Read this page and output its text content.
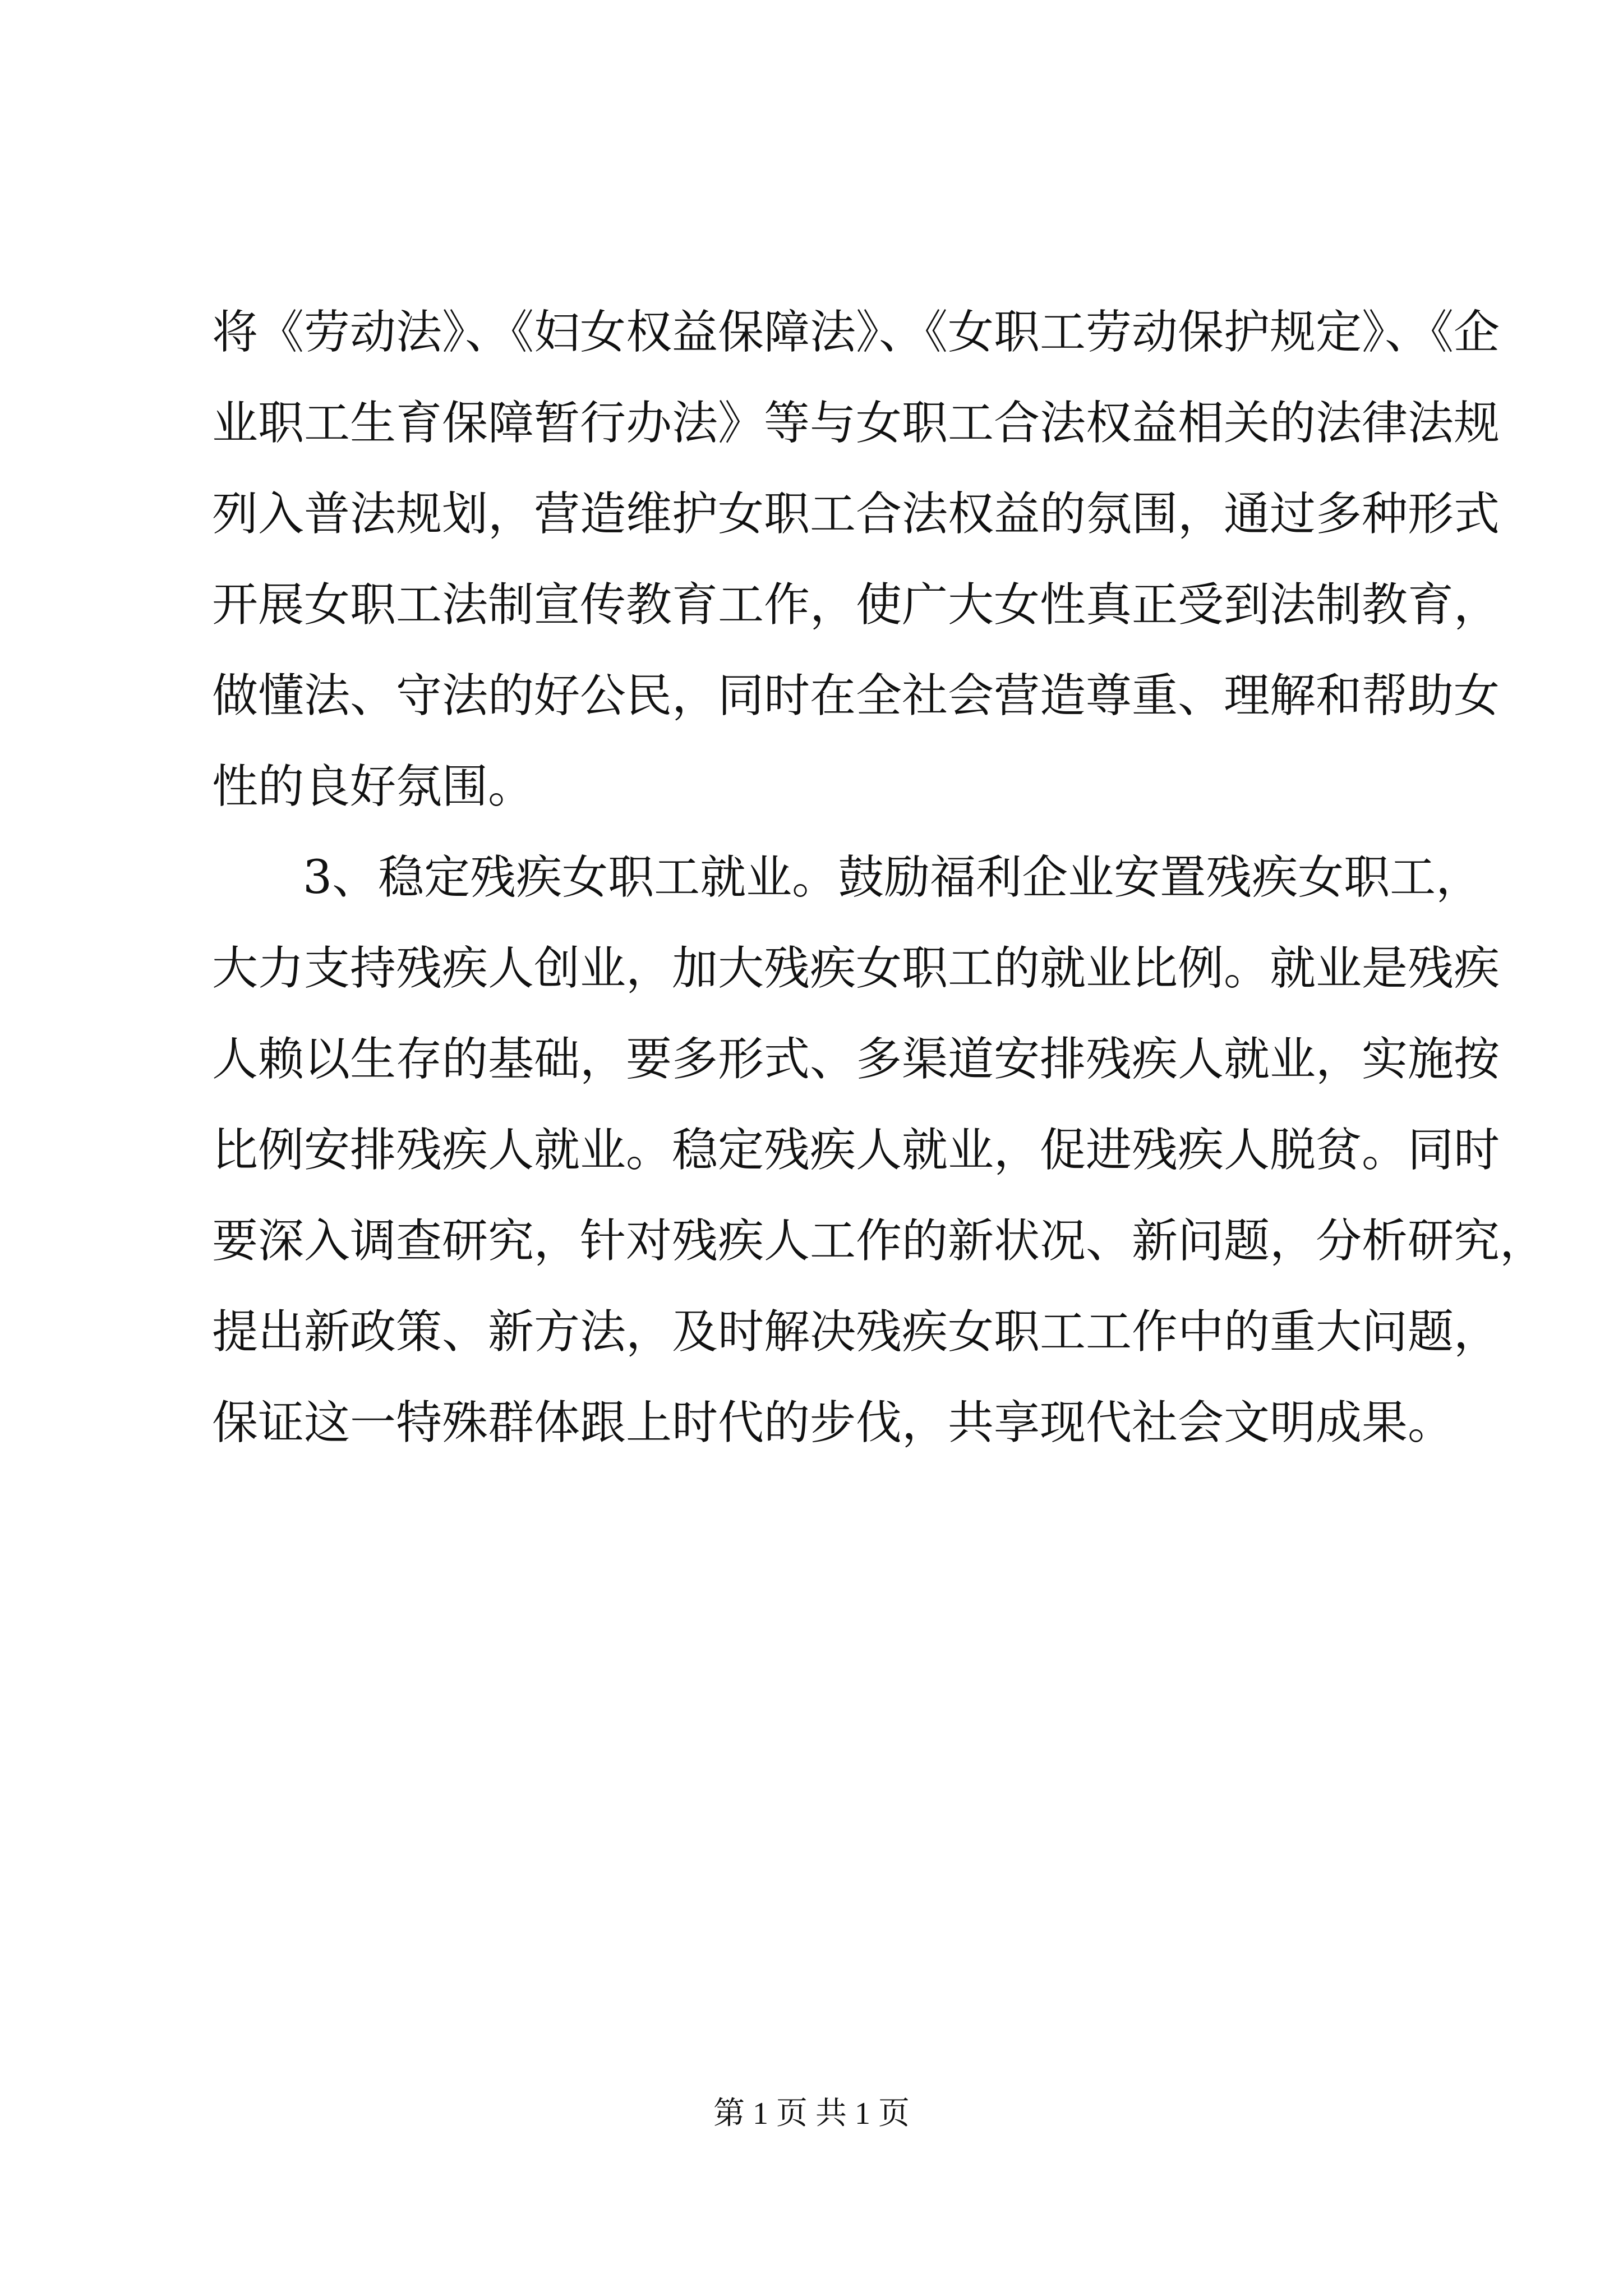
将《劳动法》、《妇女权益保障法》、《女职工劳动保护规定》、《企
业职工生育保障暂行办法》等与女职工合法权益相关的法律法规
列入普法规划，营造维护女职工合法权益的氛围，通过多种形式
开展女职工法制宣传教育工作，使广大女性真正受到法制教育，
做懂法、守法的好公民，同时在全社会营造尊重、理解和帮助女
性的良好氛围。
3、稳定残疾女职工就业。鼓励福利企业安置残疾女职工，
大力支持残疾人创业，加大残疾女职工的就业比例。就业是残疾
人赖以生存的基础，要多形式、多渠道安排残疾人就业，实施按
比例安排残疾人就业。稳定残疾人就业，促进残疾人脱贫。同时
要深入调查研究，针对残疾人工作的新状况、新问题，分析研究，
提出新政策、新方法，及时解决残疾女职工工作中的重大问题，
保证这一特殊群体跟上时代的步伐，共享现代社会文明成果。
第 1 页 共 1 页
